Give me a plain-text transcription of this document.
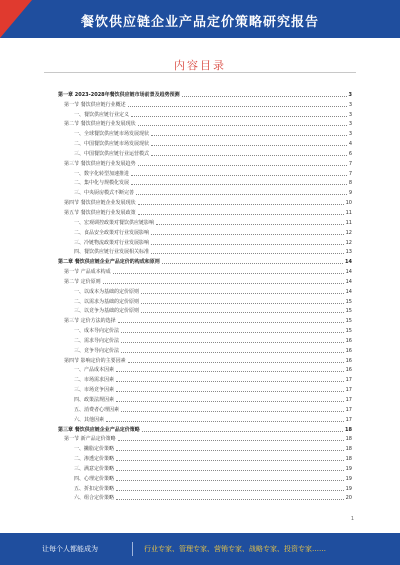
餐饮供应链企业产品定价策略研究报告
内容目录
第一章 2023-2028年餐饮供应链市场前景及趋势预测	3
第一节 餐饮供应链行业概述	3
一、餐饮供应链行业定义	3
第二节 餐饮供应链行业发展现状	3
一、全球餐饮供应链市场发展现状	3
二、中国餐饮供应链市场发展现状	4
三、中国餐饮供应链行业运营模式	6
第三节 餐饮供应链行业发展趋势	7
一、数字化转型加速推进	7
二、集中化与规模化发展	8
三、中央厨房模式不断完善	9
第四节 餐饮供应链企业发展现状	10
第五节 餐饮供应链行业发展政策	11
一、宏观调控政策对餐饮供应链影响	11
二、食品安全政策对行业发展影响	12
三、冷链物流政策对行业发展影响	12
四、餐饮供应链行业发展相关标准	13
第二章 餐饮供应链企业产品定价的构成和原则	14
第一节 产品成本构成	14
第二节 定价原则	14
一、以成本为基础的定价原则	14
二、以需求为基础的定价原则	15
三、以竞争为基础的定价原则	15
第三节 定价方法的选择	15
一、成本导向定价法	15
二、需求导向定价法	16
三、竞争导向定价法	16
第四节 影响定价的主要因素	16
一、产品成本因素	16
二、市场需求因素	17
三、市场竞争因素	17
四、政策法规因素	17
五、消费者心理因素	17
六、其他因素	17
第三章 餐饮供应链企业产品定价策略	18
第一节 新产品定价策略	18
一、撇脂定价策略	18
二、渗透定价策略	18
三、满意定价策略	19
四、心理定价策略	19
五、折扣定价策略	19
六、组合定价策略	20
1
让每个人都能成为	行业专家、管理专家、营销专家、战略专家、投资专家……
